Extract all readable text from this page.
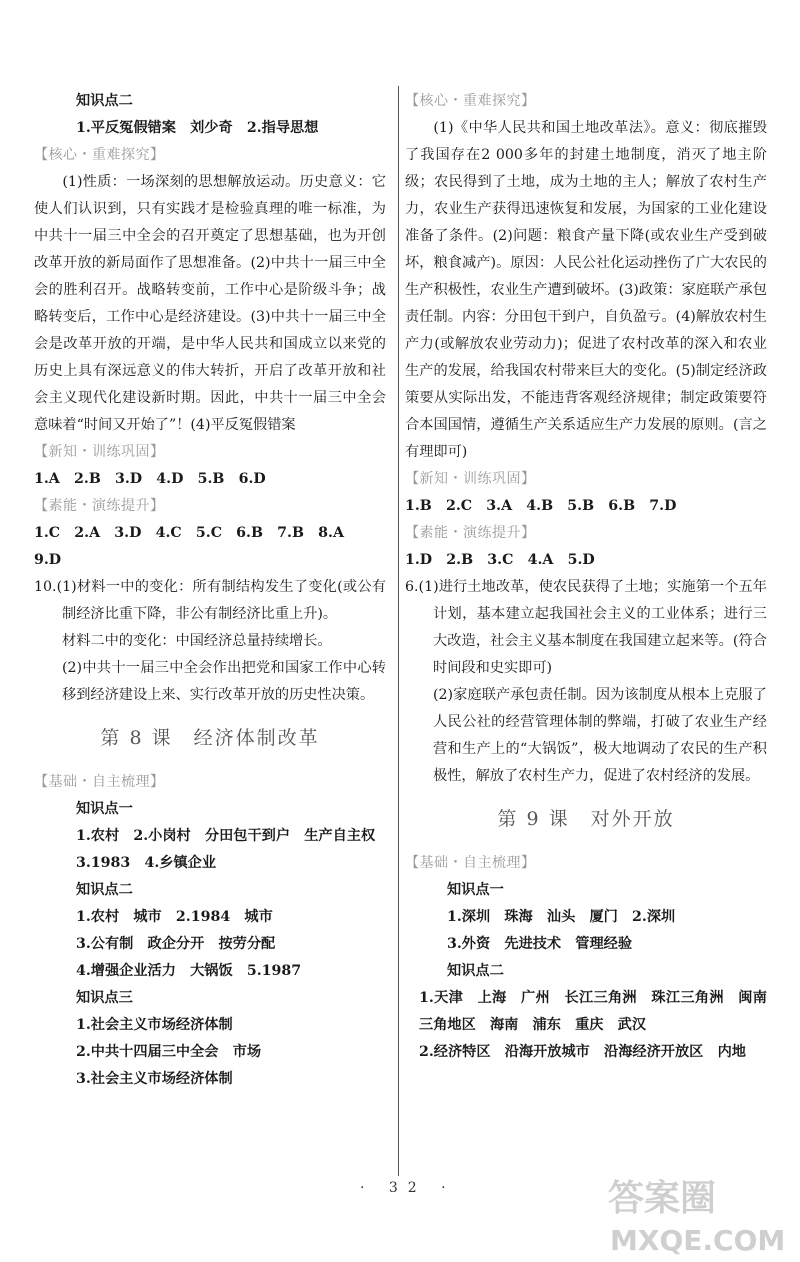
知识点二

1.平反冤假错案　刘少奇　2.指导思想

【核心・重难探究】

(1)性质：一场深刻的思想解放运动。历史意义：它使人们认识到，只有实践才是检验真理的唯一标准，为中共十一届三中全会的召开奠定了思想基础，也为开创改革开放的新局面作了思想准备。(2)中共十一届三中全会的胜利召开。战略转变前，工作中心是阶级斗争；战略转变后，工作中心是经济建设。(3)中共十一届三中全会是改革开放的开端，是中华人民共和国成立以来党的历史上具有深远意义的伟大转折，开启了改革开放和社会主义现代化建设新时期。因此，中共十一届三中全会意味着“时间又开始了”！(4)平反冤假错案

【新知・训练巩固】

1.A　2.B　3.D　4.D　5.B　6.D

【素能・演练提升】

1.C　2.A　3.D　4.C　5.C　6.B　7.B　8.A

9.D

10.(1)材料一中的变化：所有制结构发生了变化(或公有制经济比重下降，非公有制经济比重上升)。

材料二中的变化：中国经济总量持续增长。

(2)中共十一届三中全会作出把党和国家工作中心转移到经济建设上来、实行改革开放的历史性决策。

第 8 课　经济体制改革

【基础・自主梳理】

知识点一

1.农村　2.小岗村　分田包干到户　生产自主权

3.1983　4.乡镇企业

知识点二

1.农村　城市　2.1984　城市

3.公有制　政企分开　按劳分配

4.增强企业活力　大锅饭　5.1987

知识点三

1.社会主义市场经济体制

2.中共十四届三中全会　市场

3.社会主义市场经济体制

【核心・重难探究】

(1)《中华人民共和国土地改革法》。意义：彻底摧毁了我国存在2 000多年的封建土地制度，消灭了地主阶级；农民得到了土地，成为土地的主人；解放了农村生产力，农业生产获得迅速恢复和发展，为国家的工业化建设准备了条件。(2)问题：粮食产量下降(或农业生产受到破坏，粮食减产)。原因：人民公社化运动挫伤了广大农民的生产积极性，农业生产遭到破坏。(3)政策：家庭联产承包责任制。内容：分田包干到户，自负盈亏。(4)解放农村生产力(或解放农业劳动力)；促进了农村改革的深入和农业生产的发展，给我国农村带来巨大的变化。(5)制定经济政策要从实际出发，不能违背客观经济规律；制定政策要符合本国国情，遵循生产关系适应生产力发展的原则。(言之有理即可)

【新知・训练巩固】

1.B　2.C　3.A　4.B　5.B　6.B　7.D

【素能・演练提升】

1.D　2.B　3.C　4.A　5.D

6.(1)进行土地改革，使农民获得了土地；实施第一个五年计划，基本建立起我国社会主义的工业体系；进行三大改造，社会主义基本制度在我国建立起来等。(符合时间段和史实即可)

(2)家庭联产承包责任制。因为该制度从根本上克服了人民公社的经营管理体制的弊端，打破了农业生产经营和生产上的“大锅饭”，极大地调动了农民的生产积极性，解放了农村生产力，促进了农村经济的发展。

第 9 课　对外开放

【基础・自主梳理】

知识点一

1.深圳　珠海　汕头　厦门　2.深圳

3.外资　先进技术　管理经验

知识点二

1.天津　上海　广州　长江三角洲　珠江三角洲　闽南三角地区　海南　浦东　重庆　武汉

2.经济特区　沿海开放城市　沿海经济开放区　内地

· 32 ·	答案圈
MXQE.COM
